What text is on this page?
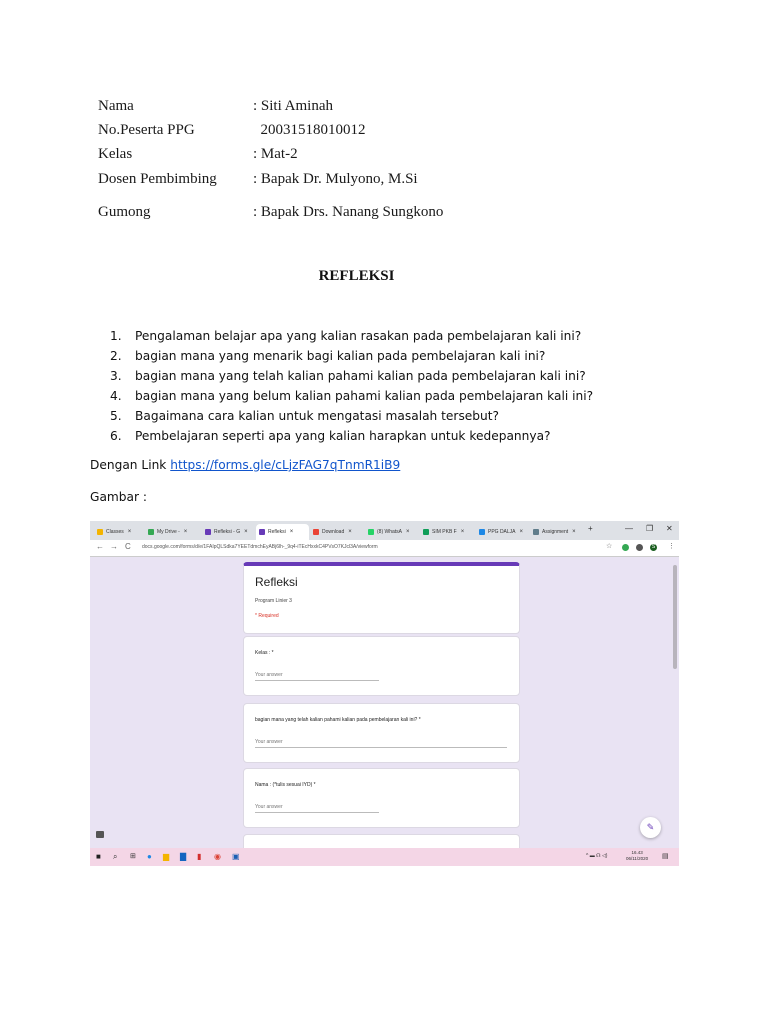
Nama	: Siti Aminah
No.Peserta PPG	20031518010012
Kelas	: Mat-2
Dosen Pembimbing : Bapak Dr. Mulyono, M.Si
Gumong	: Bapak Drs. Nanang Sungkono
REFLEKSI
1. Pengalaman belajar apa yang kalian rasakan pada pembelajaran kali ini?
2. bagian mana yang menarik bagi kalian pada pembelajaran kali ini?
3. bagian mana yang telah kalian pahami kalian pada pembelajaran kali ini?
4. bagian mana yang belum kalian pahami kalian pada pembelajaran kali ini?
5. Bagaimana cara kalian untuk mengatasi masalah tersebut?
6. Pembelajaran seperti apa yang kalian harapkan untuk kedepannya?
Dengan Link https://forms.gle/cLjzFAG7qTnmR1iB9
Gambar :
Classes ×	My Drive - ×	Refleksi - G ×	Refleksi ×	Download ×	(8) WhatsA ×	SIM PKB F ×	PPG DALJA ×	Assignment × +	— ❐ ✕
← → C docs.google.com/forms/d/e/1FAIpQLSdka7YEETdmchEyABj6lh-_9q4-iTEcHxxkC4PVsO7KJcl3A/viewform	☆	S ⋮
Refleksi
Program Linier 3
* Required
Kelas : *
Your answer
bagian mana yang telah kalian pahami kalian pada pembelajaran kali ini? *
Your answer
Nama : (*tulis sesuai IYD) *
Your answer
✎
■ ⌕ ⊞ ● ▆ ▇ ▮ ◉ ▣	^ ▬ ☊ ◁)
16.43
06/11/2020 ▤
